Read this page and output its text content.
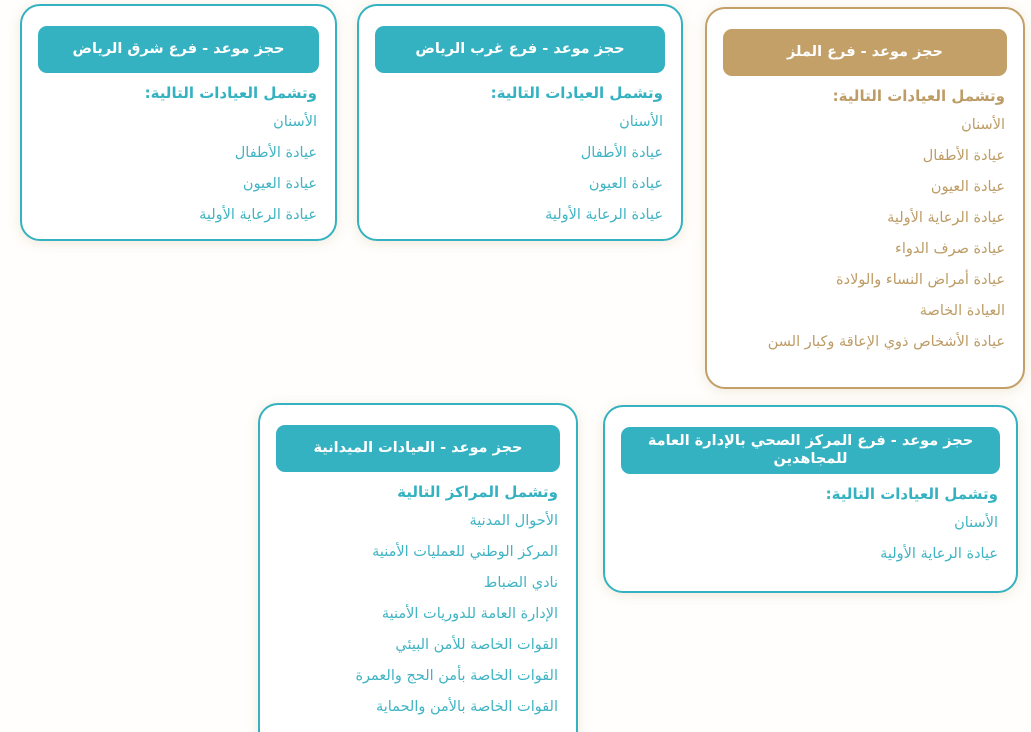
حجز موعد - فرع شرق الرياض
وتشمل العيادات التالية:
الأسنان
عيادة الأطفال
عيادة العيون
عيادة الرعاية الأولية
حجز موعد - فرع غرب الرياض
وتشمل العيادات التالية:
الأسنان
عيادة الأطفال
عيادة العيون
عيادة الرعاية الأولية
حجز موعد - فرع الملز
وتشمل العيادات التالية:
الأسنان
عيادة الأطفال
عيادة العيون
عيادة الرعاية الأولية
عيادة صرف الدواء
عيادة أمراض النساء والولادة
العيادة الخاصة
عيادة الأشخاص ذوي الإعاقة وكبار السن
حجز موعد - العيادات الميدانية
وتشمل المراكز التالية
الأحوال المدنية
المركز الوطني للعمليات الأمنية
نادي الضباط
الإدارة العامة للدوريات الأمنية
القوات الخاصة للأمن البيئي
القوات الخاصة بأمن الحج والعمرة
القوات الخاصة بالأمن والحماية
حجز موعد - فرع المركز الصحي بالإدارة العامة للمجاهدين
وتشمل العيادات التالية:
الأسنان
عيادة الرعاية الأولية
